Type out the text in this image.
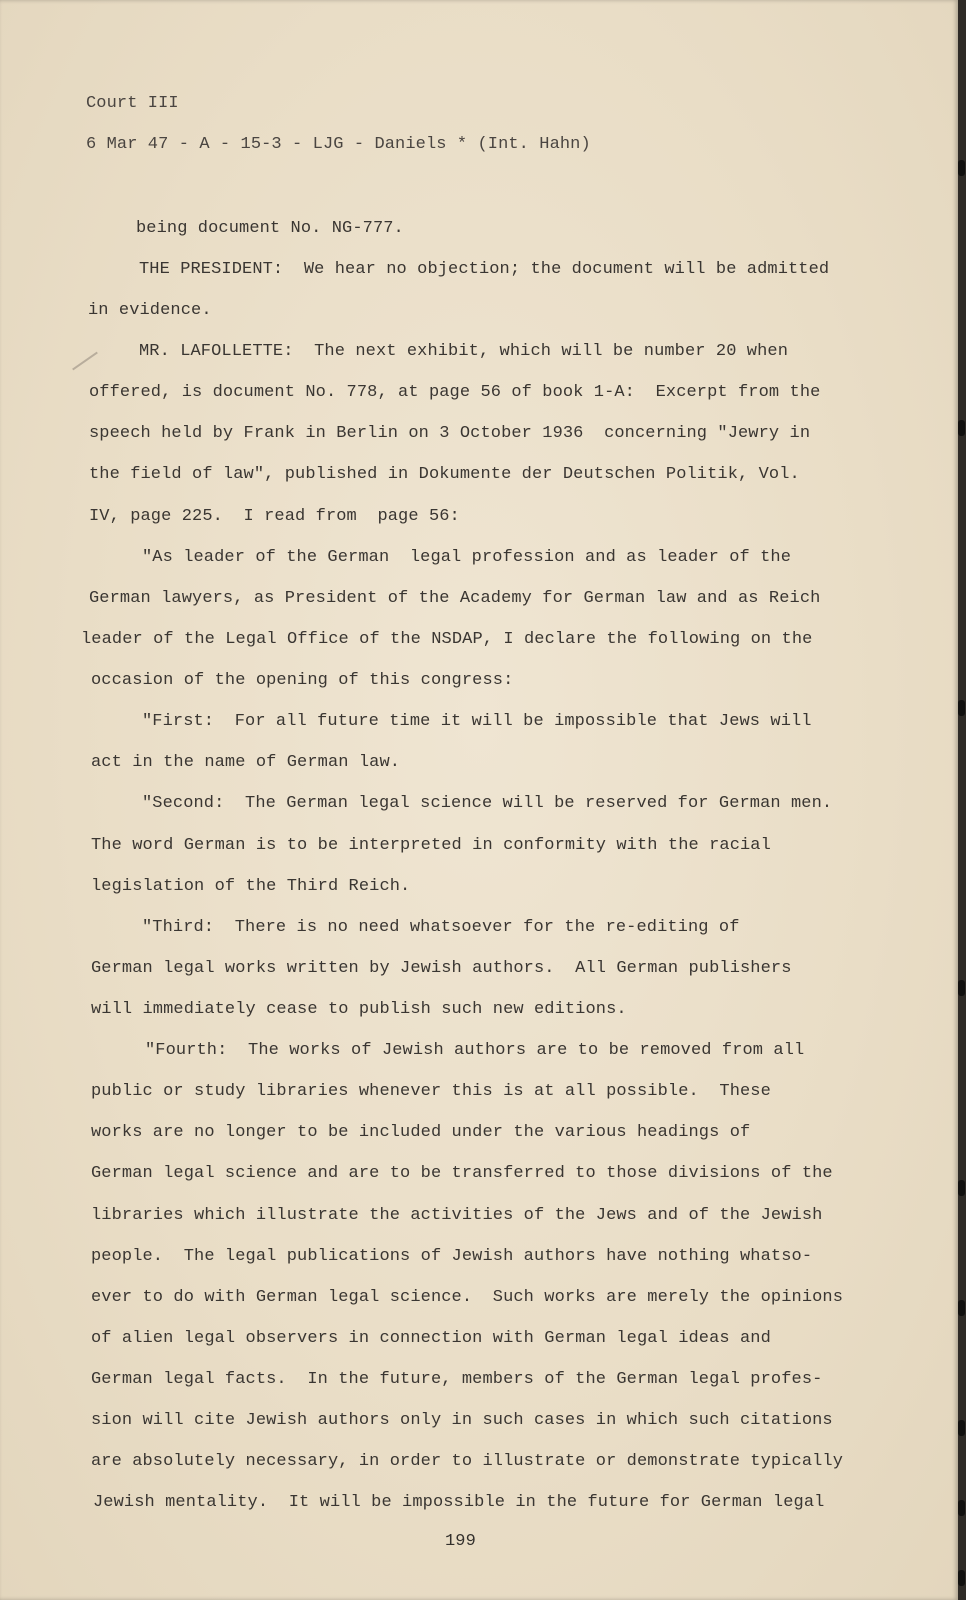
Court III

6 Mar 47 - A - 15-3 - LJG - Daniels * (Int. Hahn)

being document No. NG-777.

THE PRESIDENT:  We hear no objection; the document will be admitted

in evidence.

MR. LAFOLLETTE:  The next exhibit, which will be number 20 when

offered, is document No. 778, at page 56 of book 1-A:  Excerpt from the

speech held by Frank in Berlin on 3 October 1936  concerning "Jewry in

the field of law", published in Dokumente der Deutschen Politik, Vol.

IV, page 225.  I read from  page 56:

"As leader of the German  legal profession and as leader of the

German lawyers, as President of the Academy for German law and as Reich

leader of the Legal Office of the NSDAP, I declare the following on the

occasion of the opening of this congress:

"First:  For all future time it will be impossible that Jews will

act in the name of German law.

"Second:  The German legal science will be reserved for German men.

The word German is to be interpreted in conformity with the racial

legislation of the Third Reich.

"Third:  There is no need whatsoever for the re-editing of

German legal works written by Jewish authors.  All German publishers

will immediately cease to publish such new editions.

"Fourth:  The works of Jewish authors are to be removed from all

public or study libraries whenever this is at all possible.  These

works are no longer to be included under the various headings of

German legal science and are to be transferred to those divisions of the

libraries which illustrate the activities of the Jews and of the Jewish

people.  The legal publications of Jewish authors have nothing whatso-

ever to do with German legal science.  Such works are merely the opinions

of alien legal observers in connection with German legal ideas and

German legal facts.  In the future, members of the German legal profes-

sion will cite Jewish authors only in such cases in which such citations

are absolutely necessary, in order to illustrate or demonstrate typically

Jewish mentality.  It will be impossible in the future for German legal

199
